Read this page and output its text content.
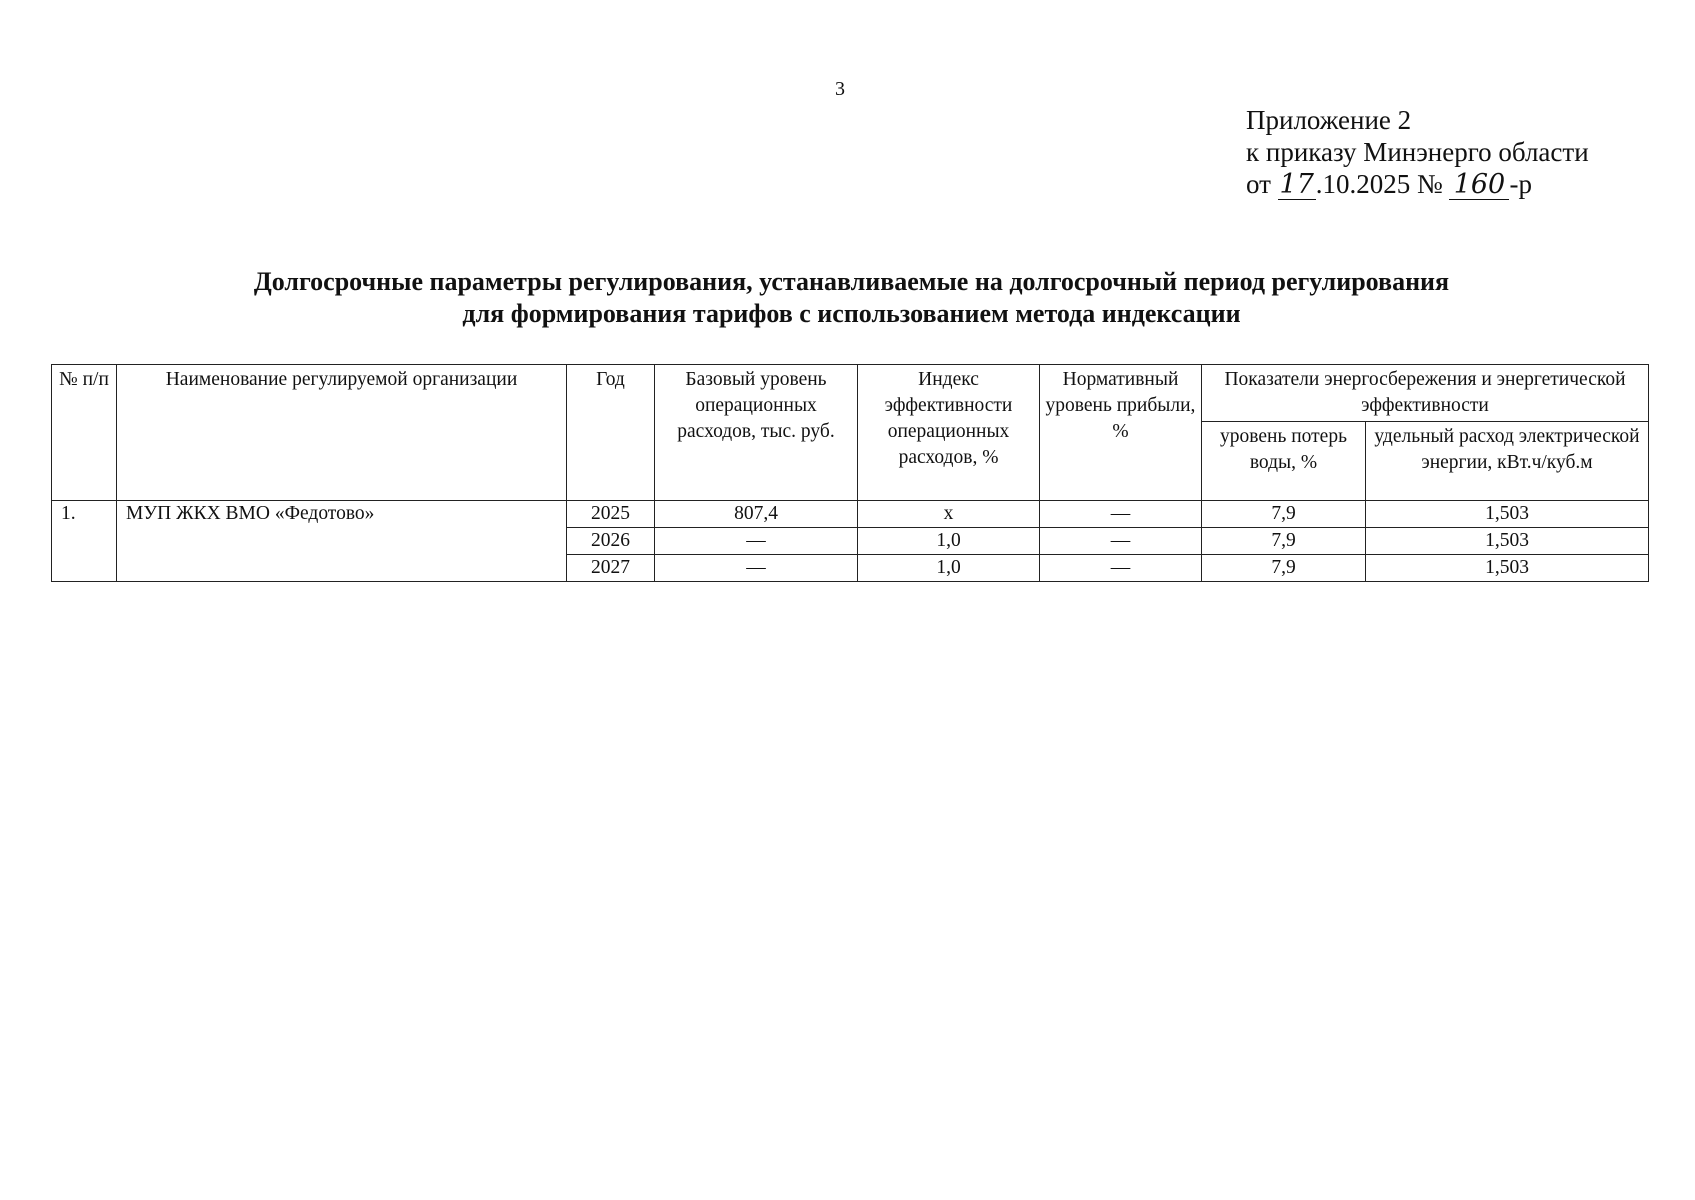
3
Приложение 2
к приказу Минэнерго области
от 17.10.2025 № 160 -р
Долгосрочные параметры регулирования, устанавливаемые на долгосрочный период регулирования
для формирования тарифов с использованием метода индексации
№ п/п	Наименование регулируемой организации	Год	Базовый уровень операционных расходов, тыс. руб.	Индекс эффективности операционных расходов, %	Нормативный уровень прибыли, %	Показатели энергосбережения и энергетической эффективности	
						уровень потерь воды, %	удельный расход электрической энергии, кВт.ч/куб.м
1.	МУП ЖКХ ВМО «Федотово»	2025	807,4	х	—	7,9	1,503
		2026	—	1,0	—	7,9	1,503
		2027	—	1,0	—	7,9	1,503
